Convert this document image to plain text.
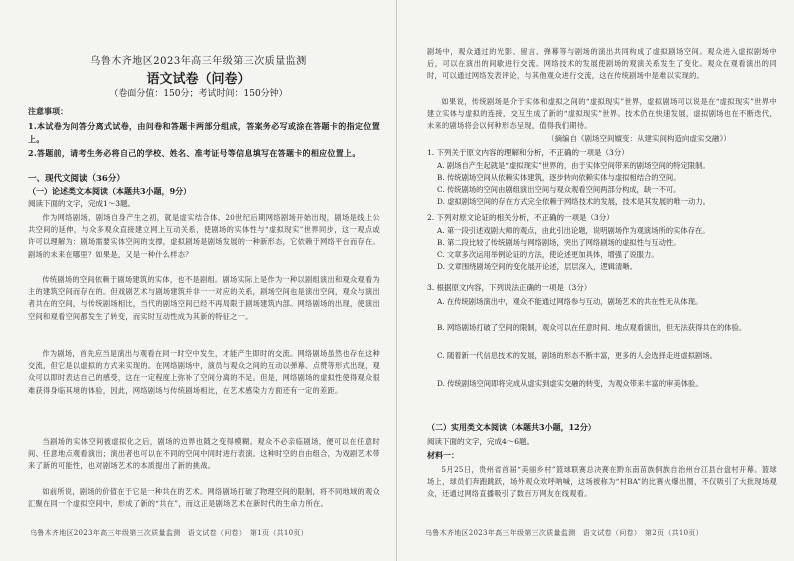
乌鲁木齐地区2023年高三年级第三次质量监测
语文试卷（问卷）
（卷面分值：150分；考试时间：150分钟）
注意事项：
1.本试卷为问答分离式试卷，由问卷和答题卡两部分组成，答案务必写或涂在答题卡的指定位置上。
2.答题前，请考生务必将自己的学校、姓名、准考证号等信息填写在答题卡的相应位置上。
一、现代文阅读（36分）
（一）论述类文本阅读（本题共3小题，9分）
阅读下面的文字，完成1～3题。
作为网络剧场，剧场自身产生之初，就是虚实结合体。20世纪后期网络剧场开始出现，剧场是线上公共空间的延伸，与众多观众直接建立网上互动关系，使剧场的实体性与“虚拟现实”世界同步，这一观点或许可以理解为：剧场需要实体空间的支撑，虚拟剧场是剧场发展的一种新形态，它依赖于网络平台而存在。剧场的未来在哪里？如果是，又是一种什么样态？
传统剧场的空间依赖于剧场建筑的实体，也不是剧组。剧场实际上是作为一种以剧组演出和观众观看为主的建筑空间而存在的。但戏剧艺术与剧场建筑并非一一对应的关系，剧场空间也是演出空间，观众与演出者共在的空间，与传统剧场相比，当代的剧场空间已经不再局限于剧场建筑内部。网络剧场的出现，使演出空间和观看空间都发生了转变，而实时互动性成为其新的特征之一。
作为剧场，首先应当是演出与观看在同一时空中发生，才能产生即时的交流。网络剧场虽然也存在这种交流，但它是以虚拟的方式来实现的。在网络剧场中，演员与观众之间的互动以弹幕、点赞等形式出现，观众可以即时表达自己的感受，这在一定程度上弥补了空间分离的不足。但是，网络剧场的虚拟性使得观众很难获得身临其境的体验，因此，网络剧场与传统剧场相比，在艺术感染力方面还有一定的差距。
当剧场的实体空间被虚拟化之后，剧场的边界也随之变得模糊。观众不必亲临剧场，便可以在任意时间、任意地点观看演出；演出者也可以在不同的空间中同时进行表演。这种时空的自由组合，为戏剧艺术带来了新的可能性，也对剧场艺术的本质提出了新的挑战。
如前所说，剧场的价值在于它是一种共在的艺术。网络剧场打破了物理空间的限制，将不同地域的观众汇聚在同一个虚拟空间中，形成了新的“共在”，而这正是剧场艺术在新时代的生命力所在。
乌鲁木齐地区2023年高三年级第三次质量监测　语文试卷（问卷）　第1页（共10页）
剧场中，观众通过的光影、留言、弹幕等与剧场的演出共同构成了虚拟剧场空间。观众进入虚拟剧场中后，可以在演出的间歇进行交流。网络技术的发展使剧场的观演关系发生了变化。观众在观看演出的同时，可以通过网络发表评论，与其他观众进行交流，这在传统剧场中是难以实现的。
如果说，传统剧场是介于实体和虚拟之间的“虚拟现实”世界，虚拟剧场可以说是在“虚拟现实”世界中建立实体与虚拟的连接，交互生成了新的“虚拟现实”世界。技术仍在快速发展，虚拟剧场也在不断迭代，未来的剧场将会以何种形态呈现，值得我们期待。
（摘编自《剧场空间嬗变：从建实间构造向虚实交融》）
1. 下列关于原文内容的理解和分析，不正确的一项是（3分）
A. 剧场自产生起就是“虚拟现实”世界的，由于实体空间带来的剧场空间的特定限制。
B. 传统剧场空间从依赖实体建筑，逐步转向依赖实体与虚拟相结合的空间。
C. 传统剧场的空间由剧组演出空间与观众观看空间两部分构成，缺一不可。
D. 虚拟剧场空间的存在方式完全依赖于网络技术的发展，技术是其发展的唯一动力。
2. 下列对原文论证的相关分析，不正确的一项是（3分）
A. 第一段引述戏剧大师的观点，由此引出论题，说明剧场作为观演场所的实体存在。
B. 第二段比较了传统剧场与网络剧场，突出了网络剧场的虚拟性与互动性。
C. 文章多次运用举例论证的方法，使论述更加具体，增强了说服力。
D. 文章围绕剧场空间的变化展开论述，层层深入，逻辑清晰。
3. 根据原文内容，下列说法正确的一项是（3分）
A. 在传统剧场演出中，观众不能通过网络参与互动，剧场艺术的共在性无从体现。
B. 网络剧场打破了空间的限制，观众可以在任意时间、地点观看演出，但无法获得共在的体验。
C. 随着新一代信息技术的发展，剧场的形态不断丰富，更多的人会选择走进虚拟剧场。
D. 传统剧场空间即将完成从虚实到虚实交融的转变，为观众带来丰富的审美体验。
（二）实用类文本阅读（本题共3小题，12分）
阅读下面的文字，完成4～6题。
材料一：
5月25日，贵州省首届“美丽乡村”篮球联赛总决赛在黔东南苗族侗族自治州台江县台盘村开幕。篮球场上，球员们奔跑跳跃，场外观众欢呼呐喊，这场被称为“村BA”的比赛火爆出圈，不仅吸引了大批现场观众，还通过网络直播吸引了数百万网友在线观看。
乌鲁木齐地区2023年高三年级第三次质量监测　语文试卷（问卷）　第2页（共10页）
